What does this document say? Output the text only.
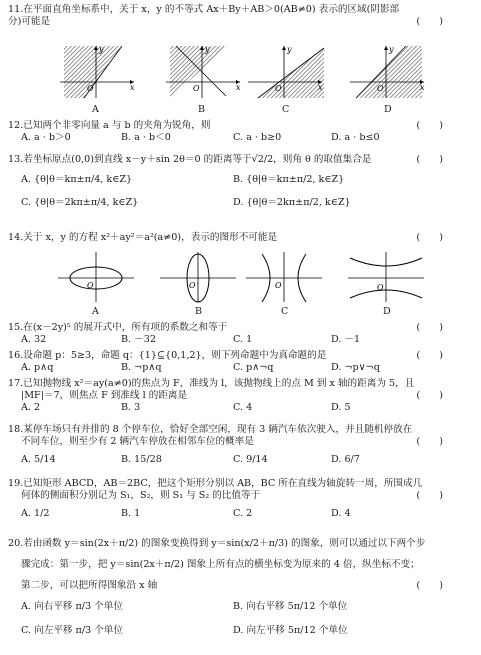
11.在平面直角坐标系中，关于 x，y 的不等式 Ax＋By＋AB＞0(AB≠0) 表示的区域(阴影部
分)可能是	(　　)
O	x
y
O	x
y
O	x
y
O	x
y
A	B	C	D
12.已知两个非零向量 a 与 b 的夹角为锐角，则	(　　)
A. a · b＞0	B. a · b＜0	C. a · b≥0	D. a · b≤0
13.若坐标原点(0,0)到直线 x－y＋sin 2θ＝0 的距离等于√2/2，则角 θ 的取值集合是	(　　)
A. {θ|θ＝kπ±π/4, k∈Z}	B. {θ|θ＝kπ±π/2, k∈Z}
C. {θ|θ＝2kπ±π/4, k∈Z}	D. {θ|θ＝2kπ±π/2, k∈Z}
14.关于 x，y 的方程 x²＋ay²＝a²(a≠0)，表示的图形不可能是	(　　)
O	O	O	O
A	B	C	D
15.在(x－2y)⁵ 的展开式中，所有项的系数之和等于	(　　)
A. 32	B. －32	C. 1	D. －1
16.设命题 p：5≥3，命题 q：{1}⊆{0,1,2}，则下列命题中为真命题的是	(　　)
A. p∧q	B. ¬p∧q	C. p∧¬q	D. ¬p∨¬q
17.已知抛物线 x²＝ay(a≠0)的焦点为 F，准线为 l，该抛物线上的点 M 到 x 轴的距离为 5，且
|MF|＝7，则焦点 F 到准线 l 的距离是	(　　)
A. 2	B. 3	C. 4	D. 5
18.某停车场只有并排的 8 个停车位，恰好全部空闲，现有 3 辆汽车依次驶入，并且随机停放在
不同车位，则至少有 2 辆汽车停放在相邻车位的概率是	(　　)
A. 5/14	B. 15/28	C. 9/14	D. 6/7
19.已知矩形 ABCD，AB＝2BC，把这个矩形分别以 AB，BC 所在直线为轴旋转一周，所围成几
何体的侧面积分别记为 S₁，S₂，则 S₁ 与 S₂ 的比值等于	(　　)
A. 1/2	B. 1	C. 2	D. 4
20.若由函数 y＝sin(2x＋π/2) 的图象变换得到 y＝sin(x/2＋π/3) 的图象，则可以通过以下两个步
骤完成：第一步，把 y＝sin(2x＋π/2) 图象上所有点的横坐标变为原来的 4 倍，纵坐标不变；
第二步，可以把所得图象沿 x 轴	(　　)
A. 向右平移 π/3 个单位	B. 向右平移 5π/12 个单位
C. 向左平移 π/3 个单位	D. 向左平移 5π/12 个单位
